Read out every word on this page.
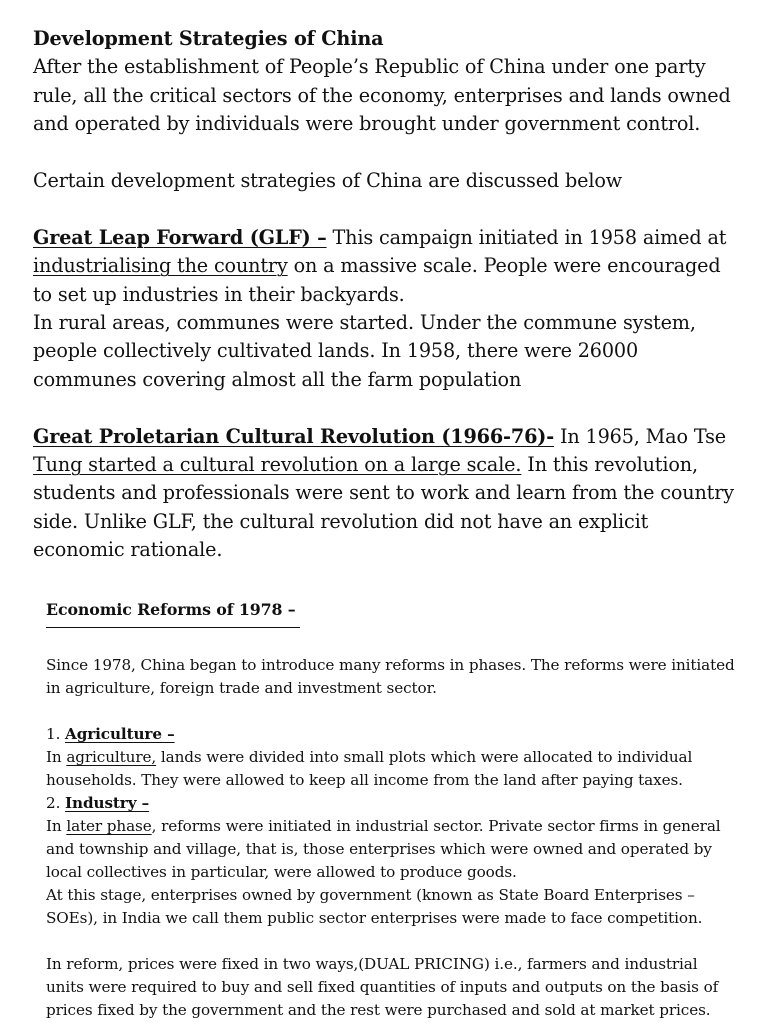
Development Strategies of China

After the establishment of People’s Republic of China under one party rule, all the critical sectors of the economy, enterprises and lands owned and operated by individuals were brought under government control.

Certain development strategies of China are discussed below

Great Leap Forward (GLF) – This campaign initiated in 1958 aimed at industrialising the country on a massive scale. People were encouraged to set up industries in their backyards.

In rural areas, communes were started. Under the commune system, people collectively cultivated lands. In 1958, there were 26000 communes covering almost all the farm population

Great Proletarian Cultural Revolution (1966-76)- In 1965, Mao Tse Tung started a cultural revolution on a large scale. In this revolution, students and professionals were sent to work and learn from the country side. Unlike GLF, the cultural revolution did not have an explicit economic rationale.

Economic Reforms of 1978 –

Since 1978, China began to introduce many reforms in phases. The reforms were initiated in agriculture, foreign trade and investment sector.

1. Agriculture –

In agriculture, lands were divided into small plots which were allocated to individual households. They were allowed to keep all income from the land after paying taxes.

2. Industry –

In later phase, reforms were initiated in industrial sector. Private sector firms in general and township and village, that is, those enterprises which were owned and operated by local collectives in particular, were allowed to produce goods.

At this stage, enterprises owned by government (known as State Board Enterprises – SOEs), in India we call them public sector enterprises were made to face competition.

In reform, prices were fixed in two ways,(DUAL PRICING) i.e., farmers and industrial units were required to buy and sell fixed quantities of inputs and outputs on the basis of prices fixed by the government and the rest were purchased and sold at market prices.
